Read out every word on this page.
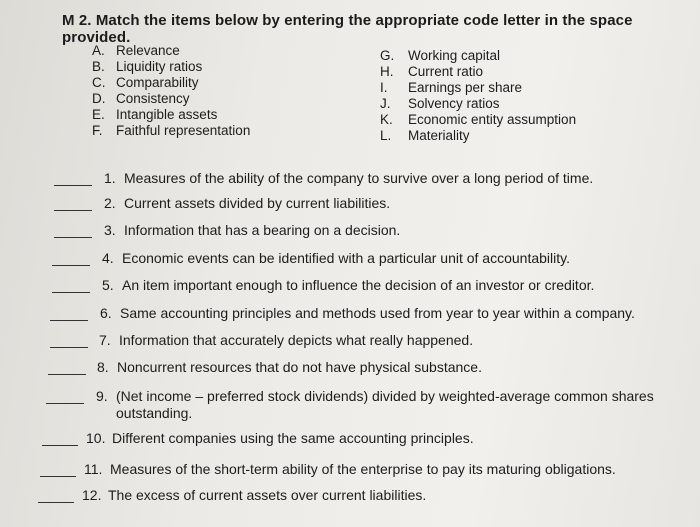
M 2. Match the items below by entering the appropriate code letter in the space provided.
A. Relevance
B. Liquidity ratios
C. Comparability
D. Consistency
E. Intangible assets
F. Faithful representation
G.	Working capital
H.	Current ratio
I.	Earnings per share
J.	Solvency ratios
K.	Economic entity assumption
L.	Materiality
1. Measures of the ability of the company to survive over a long period of time.
2. Current assets divided by current liabilities.
3. Information that has a bearing on a decision.
4. Economic events can be identified with a particular unit of accountability.
5. An item important enough to influence the decision of an investor or creditor.
6. Same accounting principles and methods used from year to year within a company.
7. Information that accurately depicts what really happened.
8. Noncurrent resources that do not have physical substance.
9. (Net income – preferred stock dividends) divided by weighted-average common shares outstanding.
10. Different companies using the same accounting principles.
11. Measures of the short-term ability of the enterprise to pay its maturing obligations.
12. The excess of current assets over current liabilities.
